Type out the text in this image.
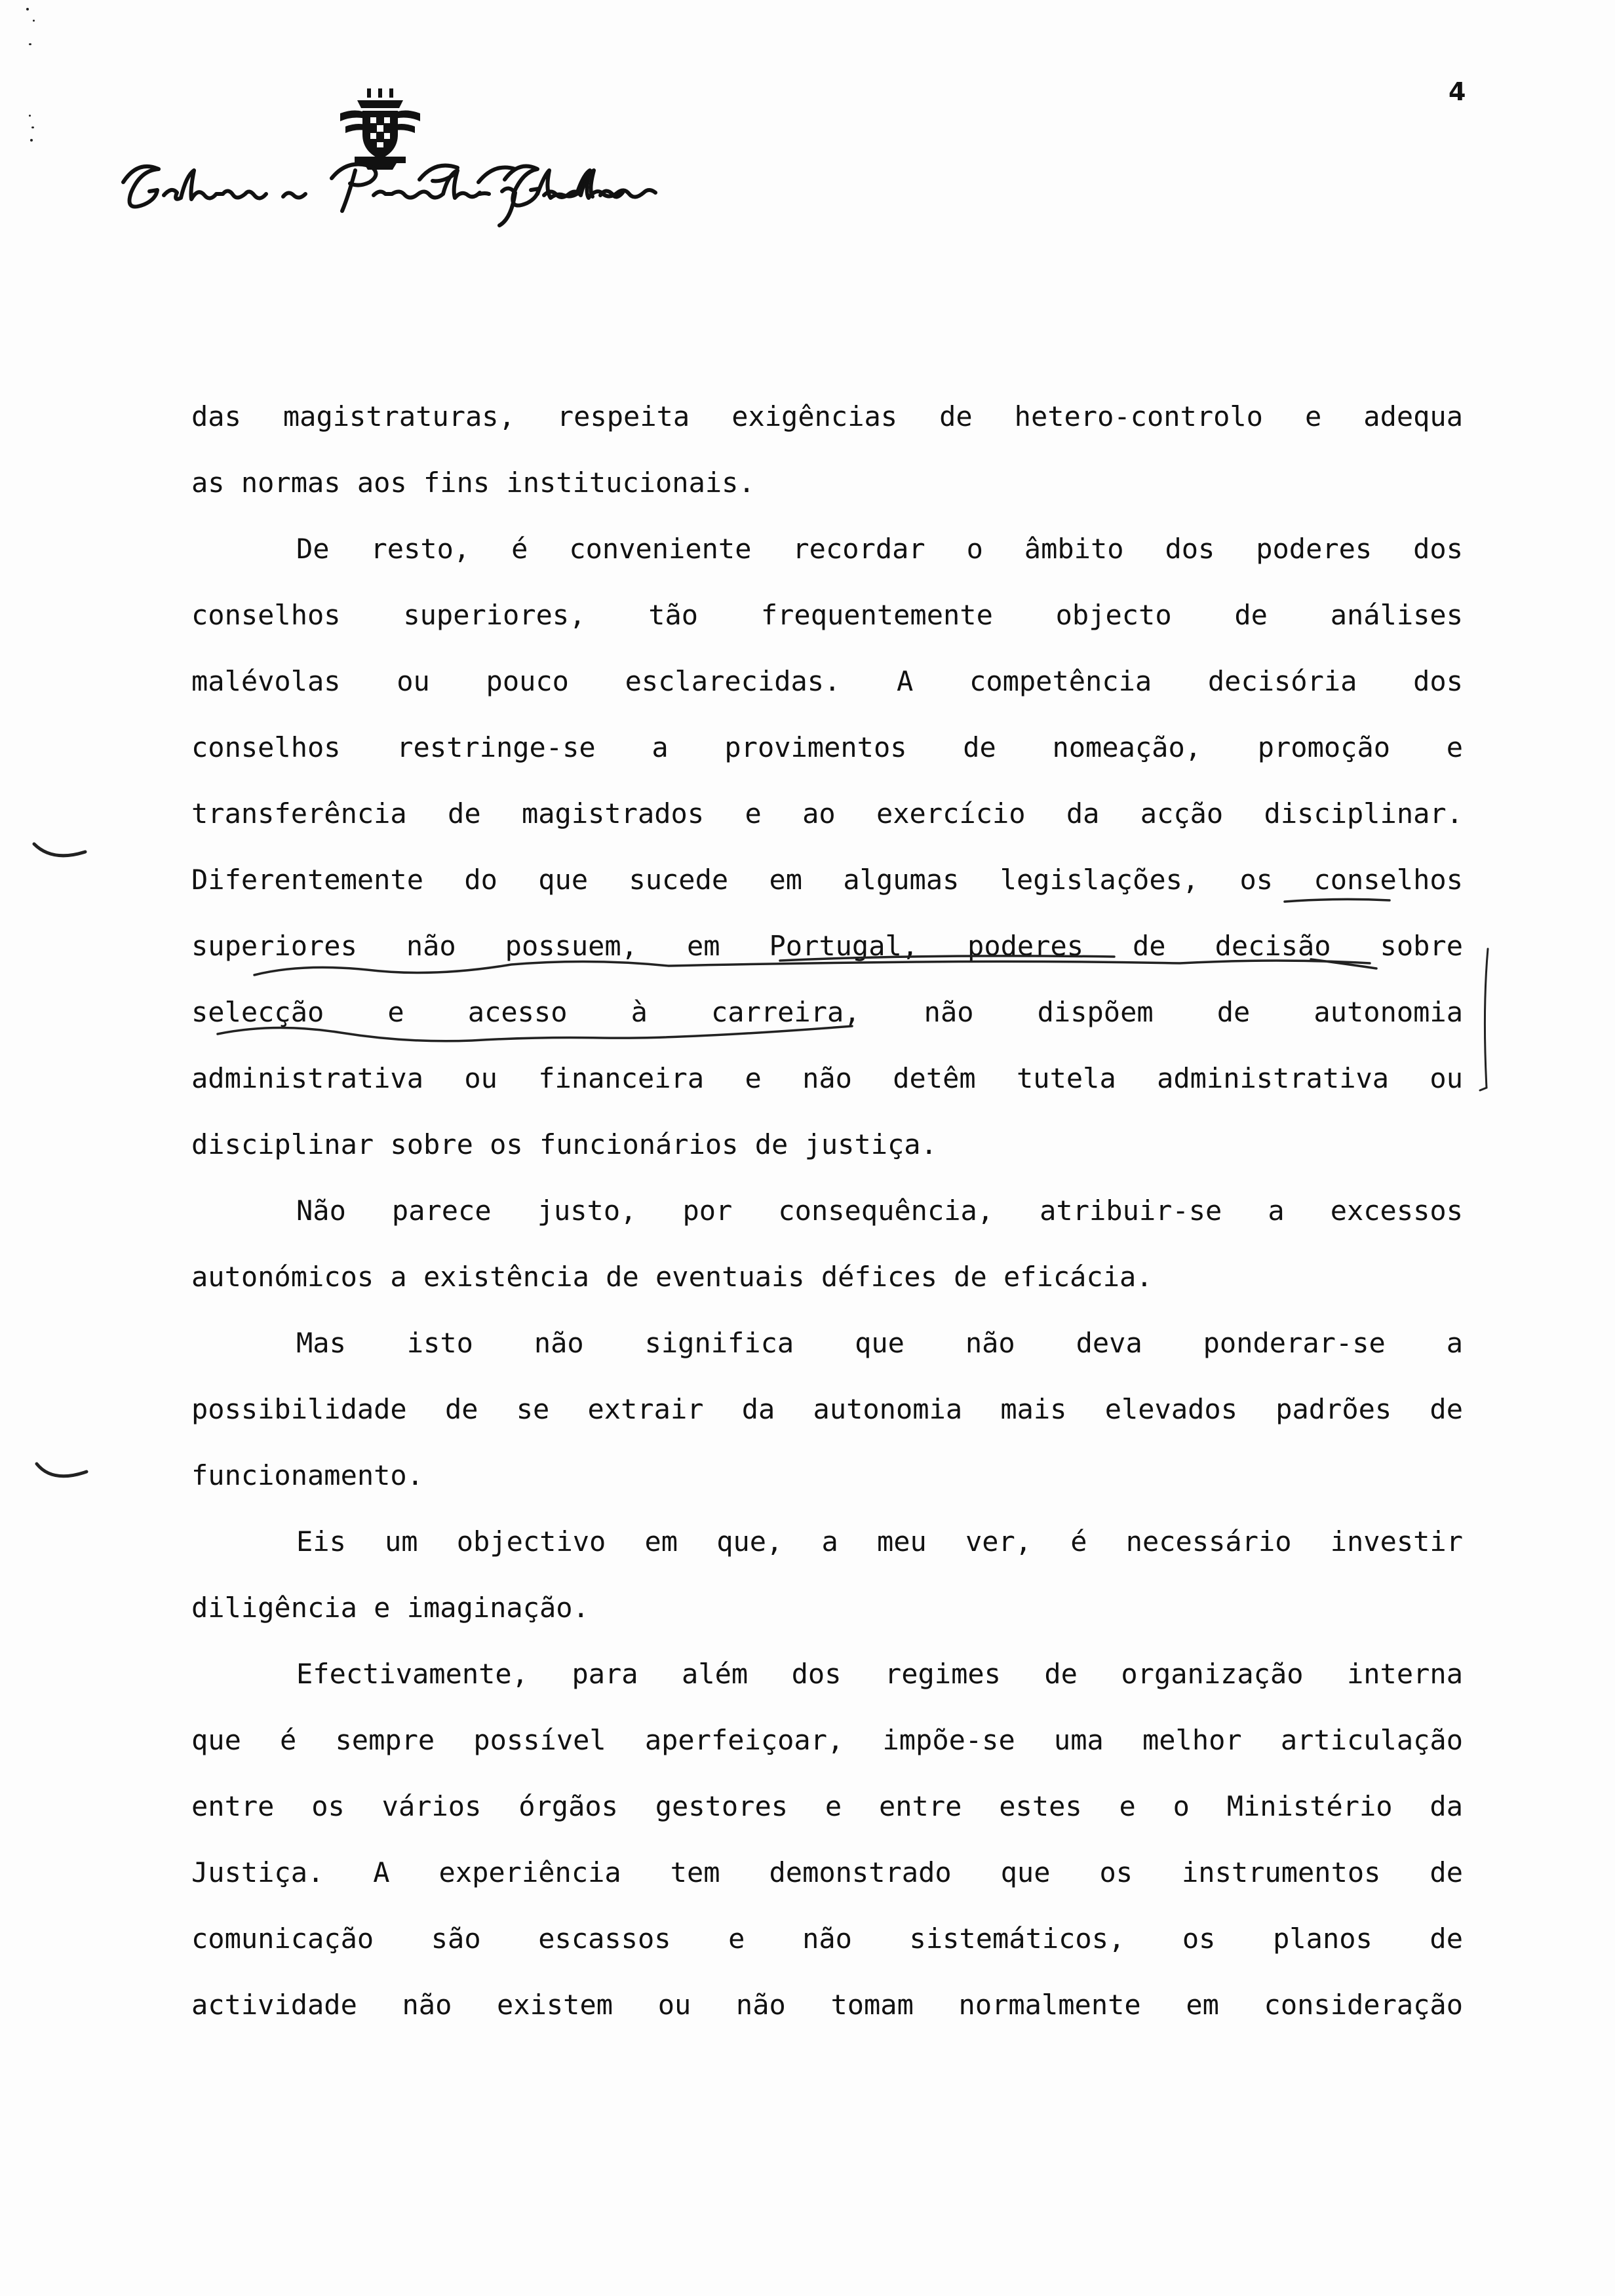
4
das magistraturas, respeita exigências de hetero-controlo e adequa
as normas aos fins institucionais.
De resto, é conveniente recordar o âmbito dos poderes dos
conselhos superiores, tão frequentemente objecto de análises
malévolas ou pouco esclarecidas. A competência decisória dos
conselhos restringe-se a provimentos de nomeação, promoção e
transferência de magistrados e ao exercício da acção disciplinar.
Diferentemente do que sucede em algumas legislações, os conselhos
superiores não possuem, em Portugal, poderes de decisão sobre
selecção e acesso à carreira, não dispõem de autonomia
administrativa ou financeira e não detêm tutela administrativa ou
disciplinar sobre os funcionários de justiça.
Não parece justo, por consequência, atribuir-se a excessos
autonómicos a existência de eventuais défices de eficácia.
Mas isto não significa que não deva ponderar-se a
possibilidade de se extrair da autonomia mais elevados padrões de
funcionamento.
Eis um objectivo em que, a meu ver, é necessário investir
diligência e imaginação.
Efectivamente, para além dos regimes de organização interna
que é sempre possível aperfeiçoar, impõe-se uma melhor articulação
entre os vários órgãos gestores e entre estes e o Ministério da
Justiça. A experiência tem demonstrado que os instrumentos de
comunicação são escassos e não sistemáticos, os planos de
actividade não existem ou não tomam normalmente em consideração
